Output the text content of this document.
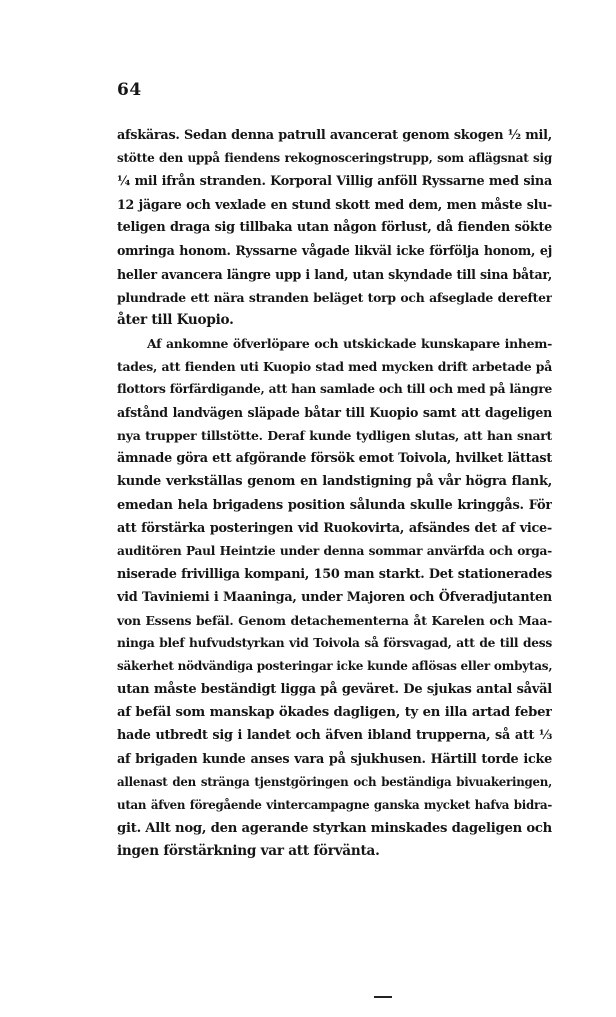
64
afskäras. Sedan denna patrull avancerat genom skogen ½ mil,
stötte den uppå fiendens rekognosceringstrupp, som aflägsnat sig
¼ mil ifrån stranden. Korporal Villig anföll Ryssarne med sina
12 jägare och vexlade en stund skott med dem, men måste slu-
teligen draga sig tillbaka utan någon förlust, då fienden sökte
omringa honom. Ryssarne vågade likväl icke förfölja honom, ej
heller avancera längre upp i land, utan skyndade till sina båtar,
plundrade ett nära stranden beläget torp och afseglade derefter
åter till Kuopio.
Af ankomne öfverlöpare och utskickade kunskapare inhem-
tades, att fienden uti Kuopio stad med mycken drift arbetade på
flottors förfärdigande, att han samlade och till och med på längre
afstånd landvägen släpade båtar till Kuopio samt att dageligen
nya trupper tillstötte. Deraf kunde tydligen slutas, att han snart
ämnade göra ett afgörande försök emot Toivola, hvilket lättast
kunde verkställas genom en landstigning på vår högra flank,
emedan hela brigadens position sålunda skulle kringgås. För
att förstärka posteringen vid Ruokovirta, afsändes det af vice-
auditören Paul Heintzie under denna sommar anvärfda och orga-
niserade frivilliga kompani, 150 man starkt. Det stationerades
vid Taviniemi i Maaninga, under Majoren och Öfveradjutanten
von Essens befäl. Genom detachementerna åt Karelen och Maa-
ninga blef hufvudstyrkan vid Toivola så försvagad, att de till dess
säkerhet nödvändiga posteringar icke kunde aflösas eller ombytas,
utan måste beständigt ligga på geväret. De sjukas antal såväl
af befäl som manskap ökades dagligen, ty en illa artad feber
hade utbredt sig i landet och äfven ibland trupperna, så att ⅓
af brigaden kunde anses vara på sjukhusen. Härtill torde icke
allenast den stränga tjenstgöringen och beständiga bivuakeringen,
utan äfven föregående vintercampagne ganska mycket hafva bidra-
git. Allt nog, den agerande styrkan minskades dageligen och
ingen förstärkning var att förvänta.
